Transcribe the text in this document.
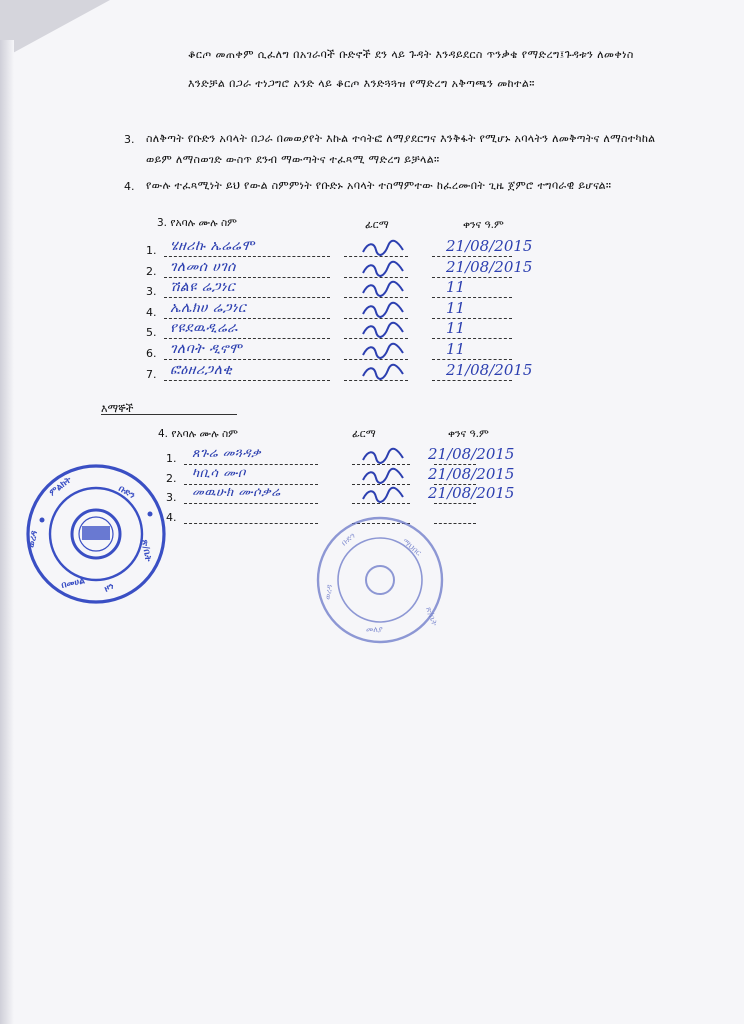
ቆርጦ መጠቀም ሲፈለግ በአገራባች ቡድኖች ደን ላይ ጉዳት እንዳይደርስ ጥንቃቄ የማድረግ፤ጉዳቱን ለመቀነስ እንድቻል በጋራ ተነጋግሮ አንድ ላይ ቆርጦ እንድጓጓዝ የማድረግ አቅጣጫን መከተል።
3. ስለቅጣት የቡድን አባላት በጋራ በመወያየት እኩል ተሳትፎ ለማያደርግና እንቅፋት የሚሆኑ አባላትን ለመቅጣትና ለማስተካከል ወይም ለማስወገድ ውስጥ ደንብ ማውጣትና ተፈጻሚ ማድረግ ይቻላል።
4. የውሉ ተፈጻሚነት ይህ የውል ስምምነት የቡድኑ አባላት ተስማምተው ከፈረሙበት ጊዜ ጀምሮ ተግባራዊ ይሆናል።
3. የአባሉ ሙሉ ስም	ፊርማ	ቀንና ዓ.ም
1. ሄዘሪኩ ኤሬሬሞ	21/08/2015
2. ገለመሰ ሀገሰ	21/08/2015
3. ሽልዩ ሬጋነር	11
4. ኤሌክሀ ሬጋነር	11
5. የዩደዉዲሬራ	11
6. ገለባት ዲኖሞ	11
7. ፎዕዘሪጋለቂ	21/08/2015
እማኞች
4. የአባሉ ሙሉ ስም	ፊርማ	ቀንና ዓ.ም
1. ጸጉሬ መጓዳቃ	21/08/2015
2. ካቢሳ ሙቦ	21/08/2015
3. መዉሁክ ሙሶቃሬ	21/08/2015
4.
ምልክት	ቡድን
ጽ/ቤት
በመሀል ዞን
ወረዳ	ቡድን	ማህበር
ወረዳ
ጽ/ቤት
መለያ
